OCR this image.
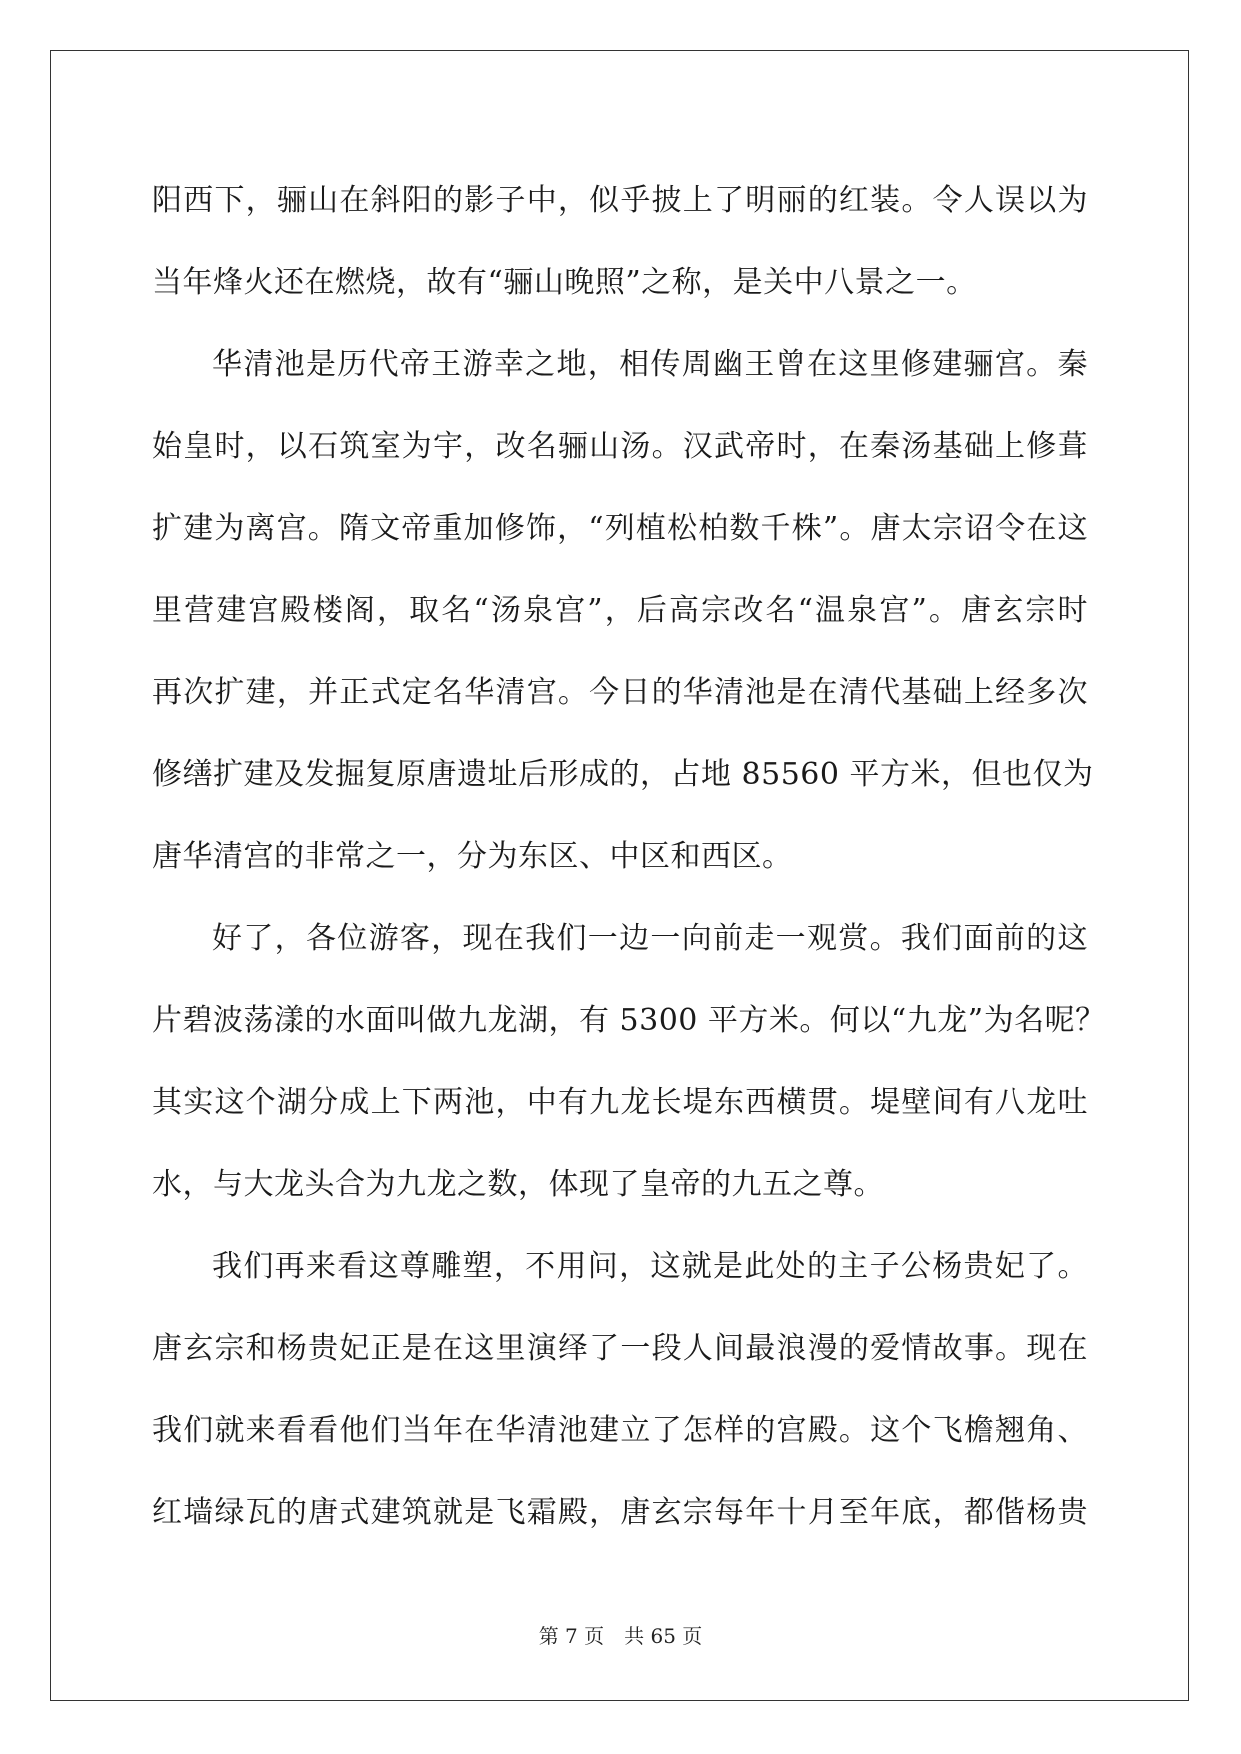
阳西下，骊山在斜阳的影子中，似乎披上了明丽的红装。令人误以为
当年烽火还在燃烧，故有“骊山晚照”之称，是关中八景之一。
华清池是历代帝王游幸之地，相传周幽王曾在这里修建骊宫。秦
始皇时，以石筑室为宇，改名骊山汤。汉武帝时，在秦汤基础上修葺
扩建为离宫。隋文帝重加修饰，“列植松柏数千株”。唐太宗诏令在这
里营建宫殿楼阁，取名“汤泉宫”，后高宗改名“温泉宫”。唐玄宗时
再次扩建，并正式定名华清宫。今日的华清池是在清代基础上经多次
修缮扩建及发掘复原唐遗址后形成的，占地 85560 平方米，但也仅为
唐华清宫的非常之一，分为东区、中区和西区。
好了，各位游客，现在我们一边一向前走一观赏。我们面前的这
片碧波荡漾的水面叫做九龙湖，有 5300 平方米。何以“九龙”为名呢？
其实这个湖分成上下两池，中有九龙长堤东西横贯。堤壁间有八龙吐
水，与大龙头合为九龙之数，体现了皇帝的九五之尊。
我们再来看这尊雕塑，不用问，这就是此处的主子公杨贵妃了。
唐玄宗和杨贵妃正是在这里演绎了一段人间最浪漫的爱情故事。现在
我们就来看看他们当年在华清池建立了怎样的宫殿。这个飞檐翘角、
红墙绿瓦的唐式建筑就是飞霜殿，唐玄宗每年十月至年底，都偕杨贵
第 7 页 共 65 页
